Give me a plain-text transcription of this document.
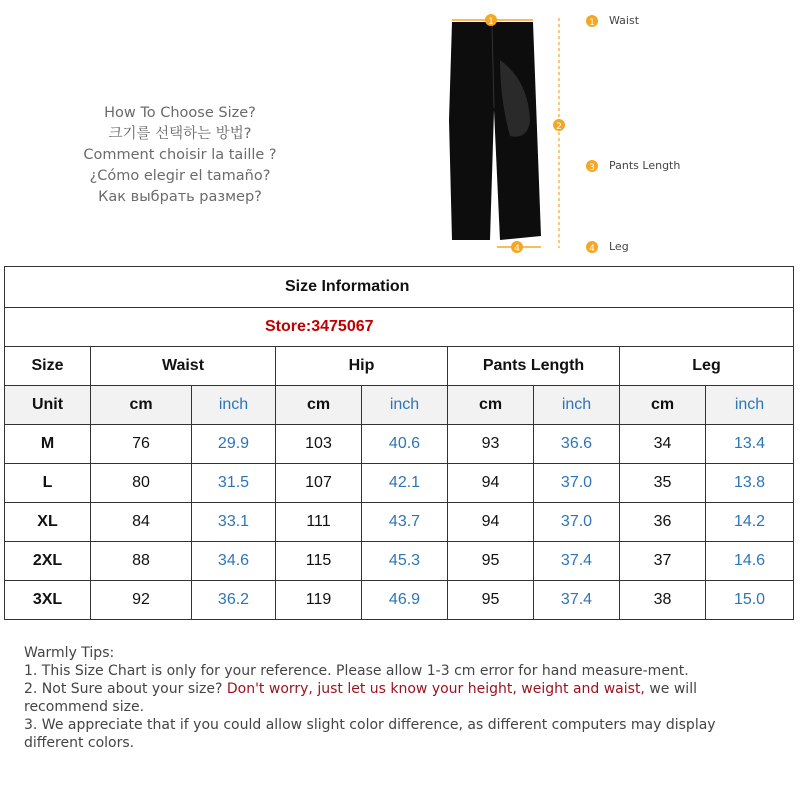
How To Choose Size?
크기를 선택하는 방법?
Comment choisir la taille ?
¿Cómo elegir el tamaño?
Как выбрать размер?
1
2
4
1
3
4
Waist
Pants Length
Leg
Size Information								
Store:3475067								
Size	Waist		Hip		Pants Length		Leg	
Unit	cm	inch	cm	inch	cm	inch	cm	inch
M	76	29.9	103	40.6	93	36.6	34	13.4
L	80	31.5	107	42.1	94	37.0	35	13.8
XL	84	33.1	111	43.7	94	37.0	36	14.2
2XL	88	34.6	115	45.3	95	37.4	37	14.6
3XL	92	36.2	119	46.9	95	37.4	38	15.0
Warmly Tips:
1. This Size Chart is only for your reference. Please allow 1-3 cm error for hand measure-ment.
2. Not Sure about your size? Don't worry, just let us know your height, weight and waist, we will recommend size.
3. We appreciate that if you could allow slight color difference, as different computers may display different colors.
